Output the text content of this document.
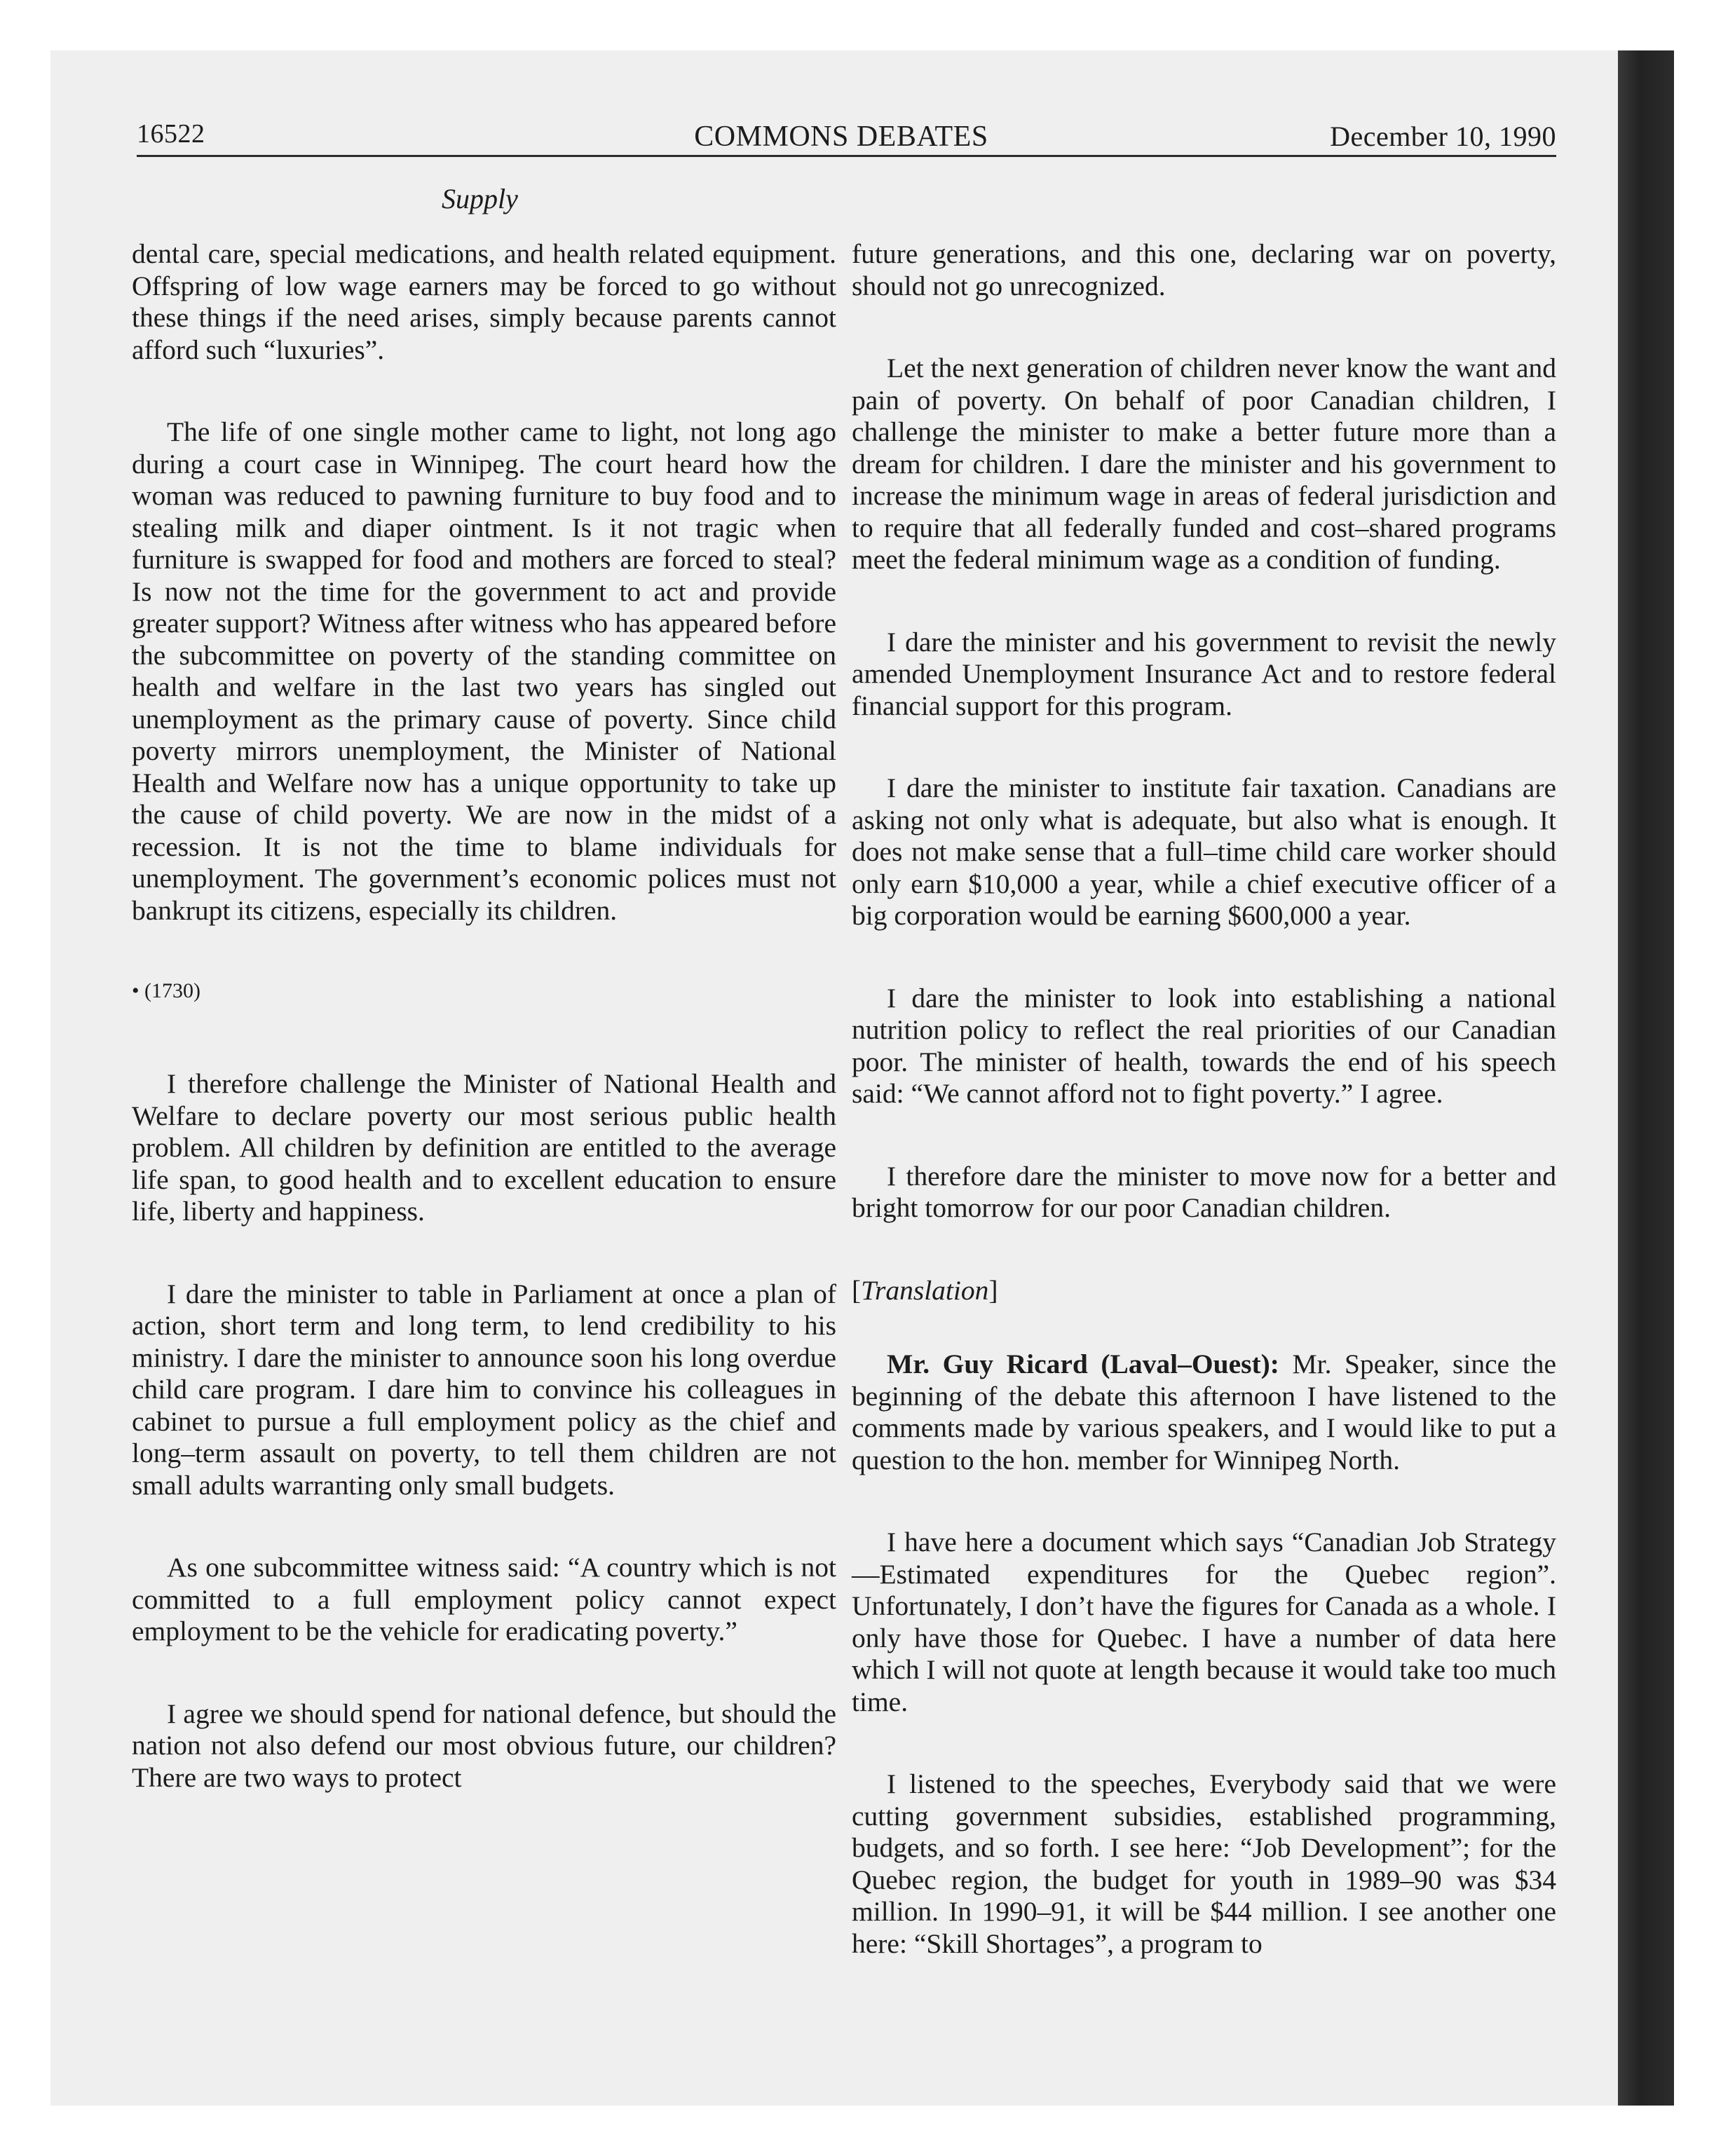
16522	COMMONS DEBATES	December 10, 1990
Supply

dental care, special medications, and health related equipment. Offspring of low wage earners may be forced to go without these things if the need arises, simply because parents cannot afford such “luxuries”.

The life of one single mother came to light, not long ago during a court case in Winnipeg. The court heard how the woman was reduced to pawning furniture to buy food and to stealing milk and diaper ointment. Is it not tragic when furniture is swapped for food and mothers are forced to steal? Is now not the time for the government to act and provide greater support? Witness after witness who has appeared before the subcommittee on poverty of the standing committee on health and welfare in the last two years has singled out unemployment as the primary cause of poverty. Since child poverty mirrors unemployment, the Minister of National Health and Welfare now has a unique opportunity to take up the cause of child poverty. We are now in the midst of a recession. It is not the time to blame individuals for unemployment. The government’s economic polices must not bankrupt its citizens, especially its children.

• (1730)

I therefore challenge the Minister of National Health and Welfare to declare poverty our most serious public health problem. All children by definition are entitled to the average life span, to good health and to excellent education to ensure life, liberty and happiness.

I dare the minister to table in Parliament at once a plan of action, short term and long term, to lend credibility to his ministry. I dare the minister to announce soon his long overdue child care program. I dare him to convince his colleagues in cabinet to pursue a full employment policy as the chief and long–term assault on poverty, to tell them children are not small adults warranting only small budgets.

As one subcommittee witness said: “A country which is not committed to a full employment policy cannot expect employment to be the vehicle for eradicating poverty.”

I agree we should spend for national defence, but should the nation not also defend our most obvious future, our children? There are two ways to protect

future generations, and this one, declaring war on poverty, should not go unrecognized.

Let the next generation of children never know the want and pain of poverty. On behalf of poor Canadian children, I challenge the minister to make a better future more than a dream for children. I dare the minister and his government to increase the minimum wage in areas of federal jurisdiction and to require that all federally funded and cost–shared programs meet the federal minimum wage as a condition of funding.

I dare the minister and his government to revisit the newly amended Unemployment Insurance Act and to restore federal financial support for this program.

I dare the minister to institute fair taxation. Canadians are asking not only what is adequate, but also what is enough. It does not make sense that a full–time child care worker should only earn $10,000 a year, while a chief executive officer of a big corporation would be earning $600,000 a year.

I dare the minister to look into establishing a national nutrition policy to reflect the real priorities of our Canadian poor. The minister of health, towards the end of his speech said: “We cannot afford not to fight poverty.” I agree.

I therefore dare the minister to move now for a better and bright tomorrow for our poor Canadian children.

[Translation]

Mr. Guy Ricard (Laval–Ouest): Mr. Speaker, since the beginning of the debate this afternoon I have listened to the comments made by various speakers, and I would like to put a question to the hon. member for Winnipeg North.

I have here a document which says “Canadian Job Strategy—Estimated expenditures for the Quebec region”. Unfortunately, I don’t have the figures for Canada as a whole. I only have those for Quebec. I have a number of data here which I will not quote at length because it would take too much time.

I listened to the speeches, Everybody said that we were cutting government subsidies, established programming, budgets, and so forth. I see here: “Job Development”; for the Quebec region, the budget for youth in 1989–90 was $34 million. In 1990–91, it will be $44 million. I see another one here: “Skill Shortages”, a program to
